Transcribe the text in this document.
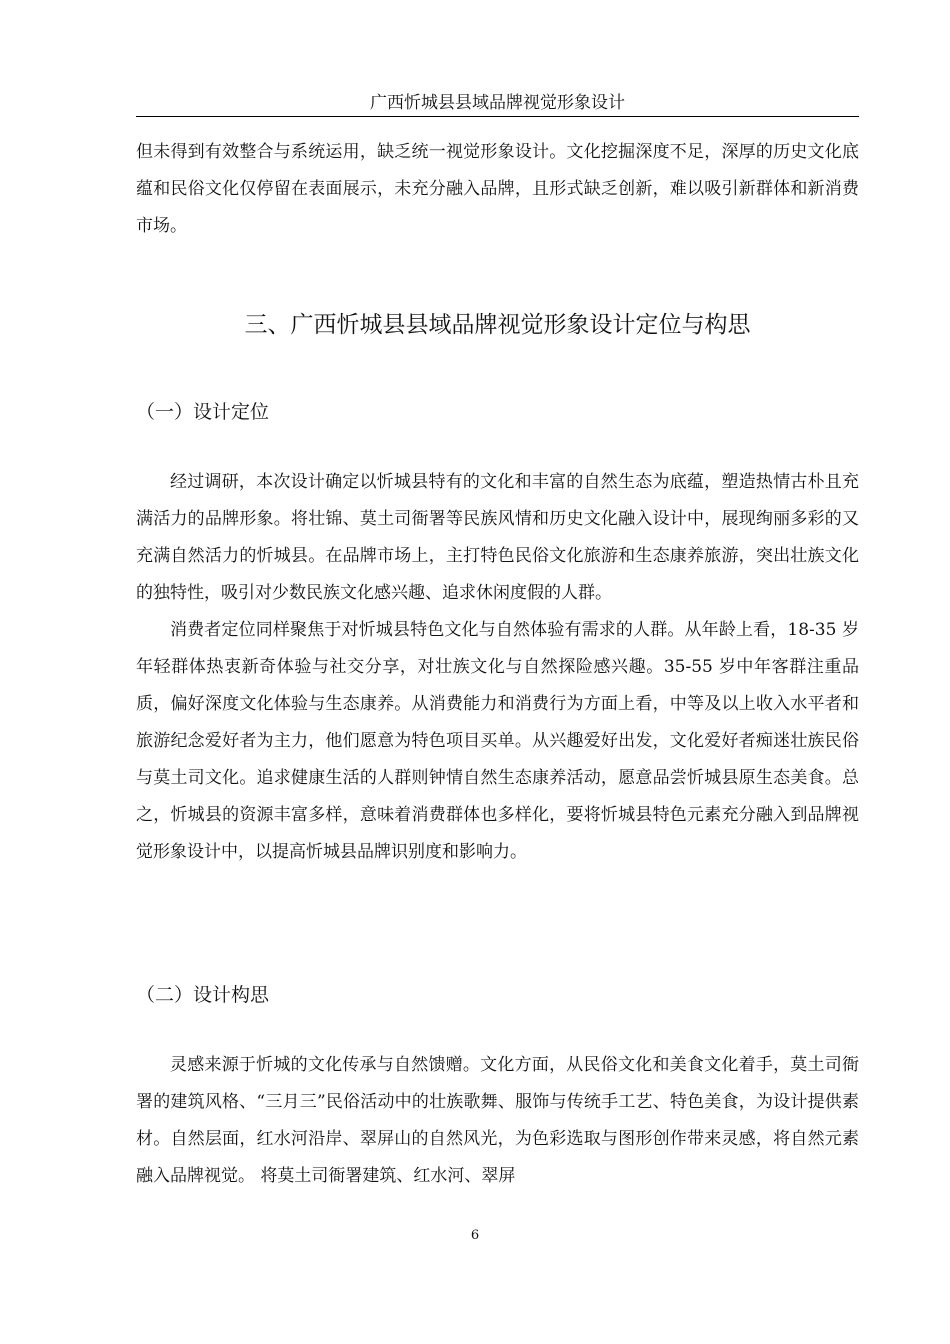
广西忻城县县域品牌视觉形象设计

但未得到有效整合与系统运用，缺乏统一视觉形象设计。文化挖掘深度不足，深厚的历史文化底蕴和民俗文化仅停留在表面展示，未充分融入品牌，且形式缺乏创新，难以吸引新群体和新消费市场。

三、广西忻城县县域品牌视觉形象设计定位与构思
（一）设计定位

经过调研，本次设计确定以忻城县特有的文化和丰富的自然生态为底蕴，塑造热情古朴且充满活力的品牌形象。将壮锦、莫土司衙署等民族风情和历史文化融入设计中，展现绚丽多彩的又充满自然活力的忻城县。在品牌市场上，主打特色民俗文化旅游和生态康养旅游，突出壮族文化的独特性，吸引对少数民族文化感兴趣、追求休闲度假的人群。

消费者定位同样聚焦于对忻城县特色文化与自然体验有需求的人群。从年龄上看，18-35 岁年轻群体热衷新奇体验与社交分享，对壮族文化与自然探险感兴趣。35-55 岁中年客群注重品质，偏好深度文化体验与生态康养。从消费能力和消费行为方面上看，中等及以上收入水平者和旅游纪念爱好者为主力，他们愿意为特色项目买单。从兴趣爱好出发，文化爱好者痴迷壮族民俗与莫土司文化。追求健康生活的人群则钟情自然生态康养活动，愿意品尝忻城县原生态美食。总之，忻城县的资源丰富多样，意味着消费群体也多样化，要将忻城县特色元素充分融入到品牌视觉形象设计中，以提高忻城县品牌识别度和影响力。

（二）设计构思

灵感来源于忻城的文化传承与自然馈赠。文化方面，从民俗文化和美食文化着手，莫土司衙署的建筑风格、“三月三”民俗活动中的壮族歌舞、服饰与传统手工艺、特色美食，为设计提供素材。自然层面，红水河沿岸、翠屏山的自然风光，为色彩选取与图形创作带来灵感，将自然元素融入品牌视觉。 将莫土司衙署建筑、红水河、翠屏

6
